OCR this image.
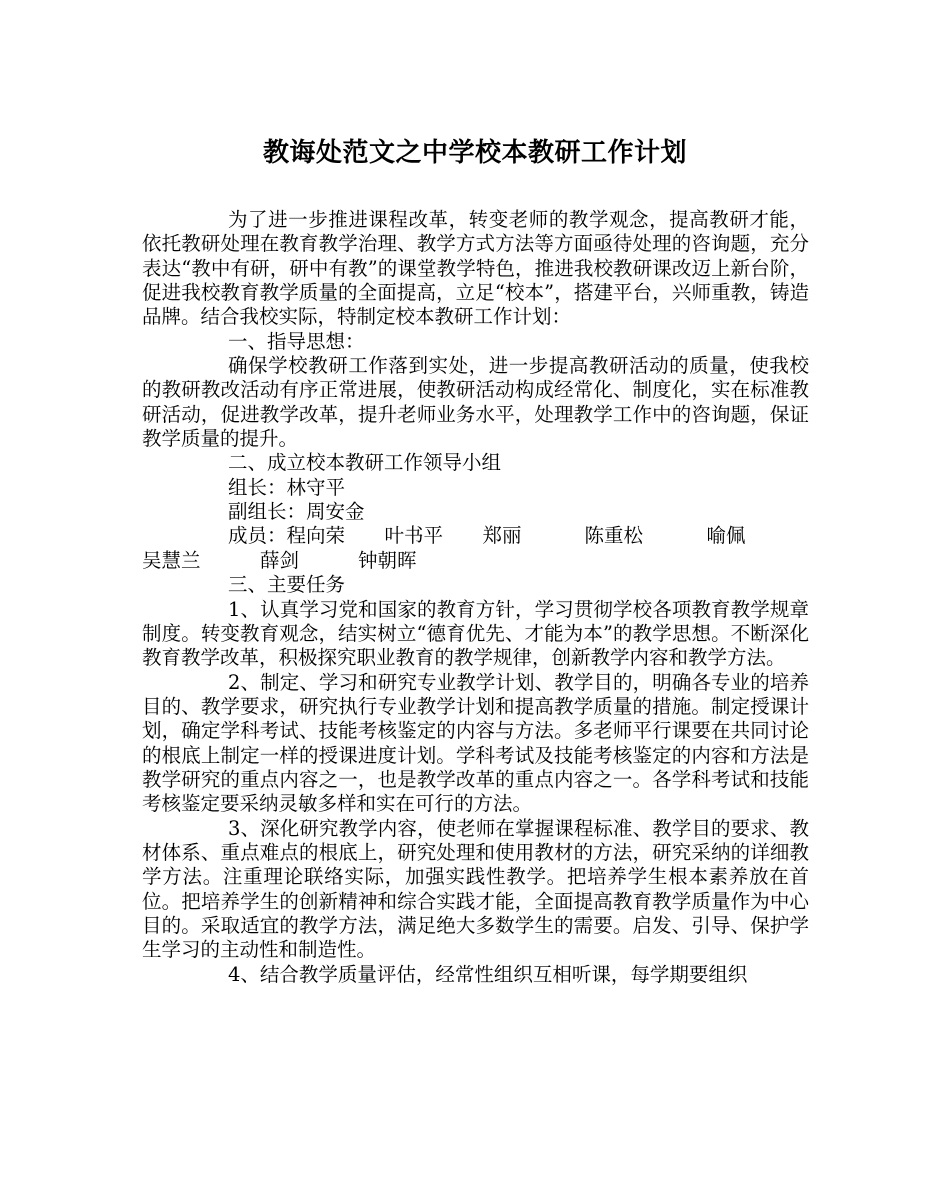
教诲处范文之中学校本教研工作计划

为了进一步推进课程改革，转变老师的教学观念，提高教研才能，依托教研处理在教育教学治理、教学方式方法等方面亟待处理的咨询题，充分表达“教中有研，研中有教”的课堂教学特色，推进我校教研课改迈上新台阶，促进我校教育教学质量的全面提高，立足“校本”，搭建平台，兴师重教，铸造品牌。结合我校实际，特制定校本教研工作计划：

一、指导思想：

确保学校教研工作落到实处，进一步提高教研活动的质量，使我校的教研教改活动有序正常进展，使教研活动构成经常化、制度化，实在标准教研活动，促进教学改革，提升老师业务水平，处理教学工作中的咨询题，保证教学质量的提升。

二、成立校本教研工作领导小组

组长：林守平

副组长：周安金

成员：程向荣 叶书平 郑丽	陈重松	喻佩
吴慧兰	薛剑	钟朝晖

三、主要任务

1、认真学习党和国家的教育方针，学习贯彻学校各项教育教学规章制度。转变教育观念，结实树立“德育优先、才能为本”的教学思想。不断深化教育教学改革，积极探究职业教育的教学规律，创新教学内容和教学方法。

2、制定、学习和研究专业教学计划、教学目的，明确各专业的培养目的、教学要求，研究执行专业教学计划和提高教学质量的措施。制定授课计划，确定学科考试、技能考核鉴定的内容与方法。多老师平行课要在共同讨论的根底上制定一样的授课进度计划。学科考试及技能考核鉴定的内容和方法是教学研究的重点内容之一，也是教学改革的重点内容之一。各学科考试和技能考核鉴定要采纳灵敏多样和实在可行的方法。

3、深化研究教学内容，使老师在掌握课程标准、教学目的要求、教材体系、重点难点的根底上，研究处理和使用教材的方法，研究采纳的详细教学方法。注重理论联络实际，加强实践性教学。把培养学生根本素养放在首位。把培养学生的创新精神和综合实践才能，全面提高教育教学质量作为中心目的。采取适宜的教学方法，满足绝大多数学生的需要。启发、引导、保护学生学习的主动性和制造性。

4、结合教学质量评估，经常性组织互相听课，每学期要组织
